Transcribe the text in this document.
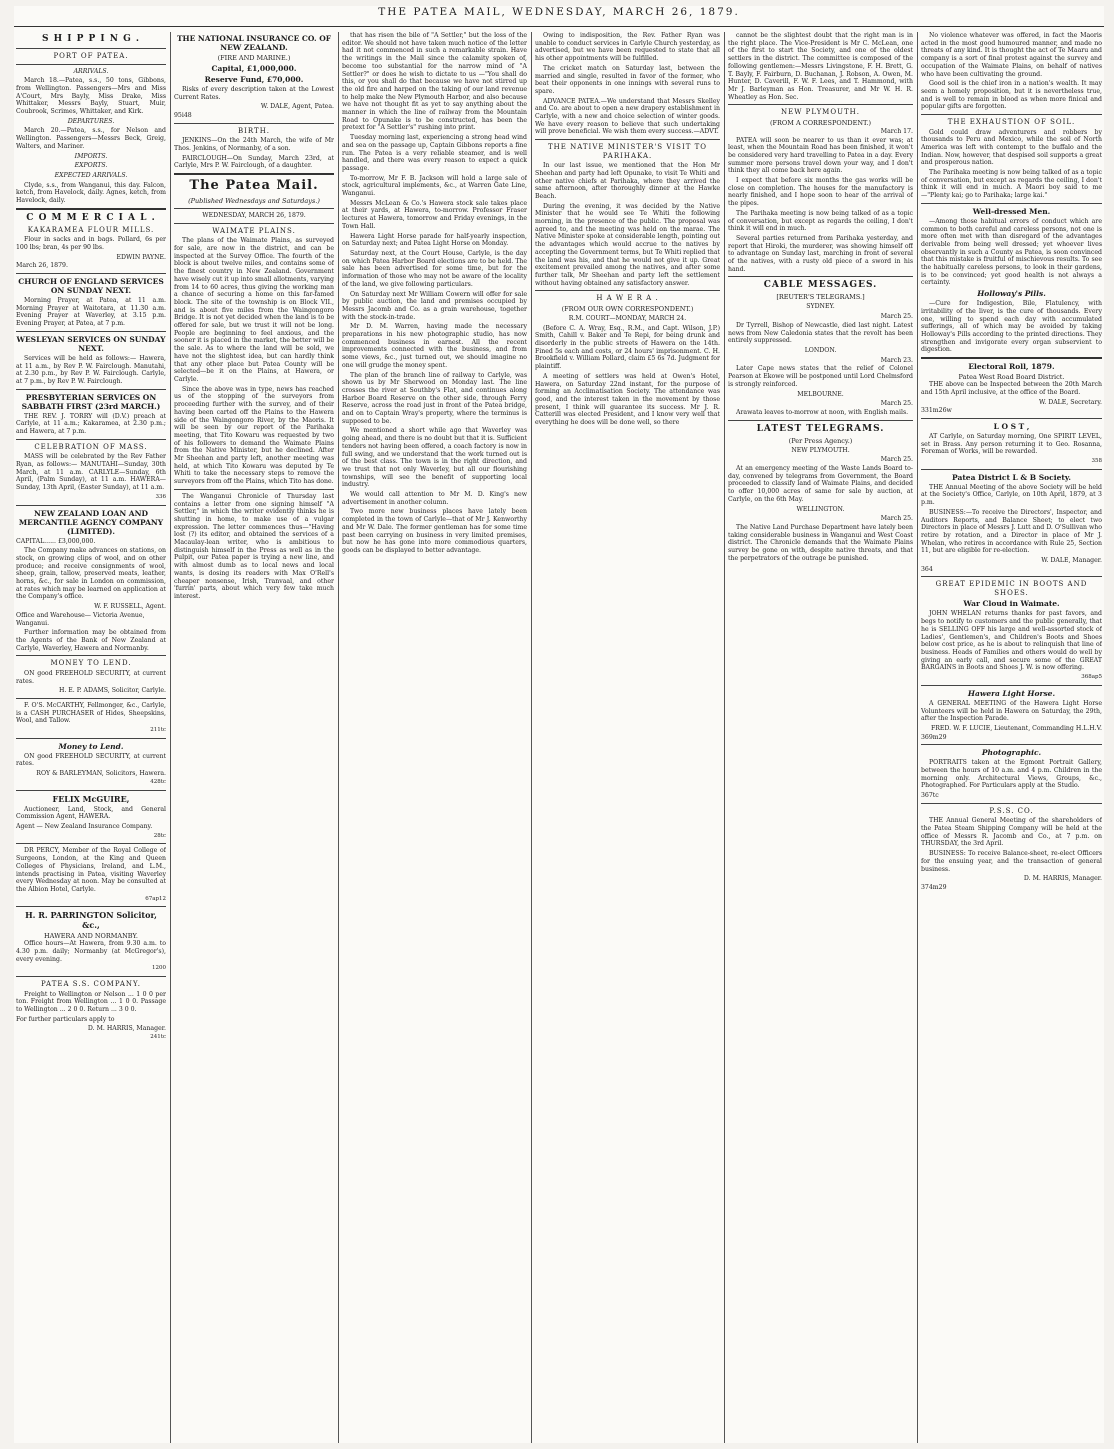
THE PATEA MAIL, WEDNESDAY, MARCH 26, 1879.
S H I P P I N G .
PORT OF PATEA.
ARRIVALS.

March 18.—Patea, s.s., 50 tons, Gibbons, from Wellington. Passengers—Mrs and Miss A'Court, Mrs Bayly, Miss Drake, Miss Whittaker, Messrs Bayly, Stuart, Muir, Coubrook, Scrimes, Whittaker, and Kirk.

DEPARTURES.

March 20.—Patea, s.s., for Nelson and Wellington. Passengers—Messrs Beck, Greig, Walters, and Mariner.

IMPORTS.
EXPORTS.
EXPECTED ARRIVALS.

Clyde, s.s., from Wanganui, this day. Falcon, ketch, from Havelock, daily. Agnes, ketch, from Havelock, daily.

C O M M E R C I A L .
KAKARAMEA FLOUR MILLS.

Flour in sacks and in bags. Pollard, 6s per 100 lbs; bran, 4s per 90 lbs.

EDWIN PAYNE.
March 26, 1879.
CHURCH OF ENGLAND SERVICES ON SUNDAY NEXT.

Morning Prayer, at Patea, at 11 a.m. Morning Prayer at Waitotara, at 11.30 a.m. Evening Prayer at Waverley, at 3.15 p.m. Evening Prayer, at Patea, at 7 p.m.

WESLEYAN SERVICES ON SUNDAY NEXT.

Services will be held as follows:— Hawera, at 11 a.m., by Rev P. W. Fairclough. Manutahi, at 2.30 p.m., by Rev P. W. Fairclough. Carlyle, at 7 p.m., by Rev P. W. Fairclough.

PRESBYTERIAN SERVICES ON SABBATH FIRST (23rd MARCH.)

THE REV. J. TORRY will (D.V.) preach at Carlyle, at 11 a.m.; Kakaramea, at 2.30 p.m.; and Hawera, at 7 p.m.

CELEBRATION OF MASS.

MASS will be celebrated by the Rev Father Ryan, as follows:— MANUTAHI—Sunday, 30th March, at 11 a.m. CARLYLE—Sunday, 6th April, (Palm Sunday), at 11 a.m. HAWERA—Sunday, 13th April, (Easter Sunday), at 11 a.m.

336
NEW ZEALAND LOAN AND MERCANTILE AGENCY COMPANY (LIMITED).
CAPITAL...... £3,000,000.

The Company make advances on stations, on stock, on growing clips of wool, and on other produce; and receive consignments of wool, sheep, grain, tallow, preserved meats, leather, horns, &c., for sale in London on commission, at rates which may be learned on application at the Company's office.

W. F. RUSSELL, Agent.
Office and Warehouse— Victoria Avenue, Wanganui.

Further information may be obtained from the Agents of the Bank of New Zealand at Carlyle, Waverley, Hawera and Normanby.

MONEY TO LEND.

ON good FREEHOLD SECURITY, at current rates.

H. E. P. ADAMS, Solicitor, Carlyle.

F. O'S. McCARTHY, Fellmonger, &c., Carlyle, is a CASH PURCHASER of Hides, Sheepskins, Wool, and Tallow.

211tc
Money to Lend.

ON good FREEHOLD SECURITY, at current rates.

ROY & BARLEYMAN, Solicitors, Hawera.
428tc
FELIX McGUIRE,

Auctioneer, Land, Stock, and General Commission Agent, HAWERA.

Agent — New Zealand Insurance Company.
28tc

DR PERCY, Member of the Royal College of Surgeons, London, at the King and Queen Colleges of Physicians, Ireland, and L.M., intends practising in Patea, visiting Waverley every Wednesday at noon. May be consulted at the Albion Hotel, Carlyle.

67ap12
H. R. PARRINGTON Solicitor, &c.,
HAWERA AND NORMANBY.

Office hours—At Hawera, from 9.30 a.m. to 4.30 p.m. daily; Normanby (at McGregor's), every evening.

1200
PATEA S.S. COMPANY.

Freight to Wellington or Nelson ... 1 0 0 per ton. Freight from Wellington ... 1 0 0. Passage to Wellington ... 2 0 0. Return ... 3 0 0.

For further particulars apply to
D. M. HARRIS, Manager.
241tc
THE NATIONAL INSURANCE CO. OF NEW ZEALAND.
(FIRE AND MARINE.)
Capital, £1,000,000.
Reserve Fund, £70,000.

Risks of every description taken at the Lowest Current Rates.

W. DALE, Agent, Patea.
95i48
BIRTH.

JENKINS—On the 24th March, the wife of Mr Thos. Jenkins, of Normanby, of a son.

FAIRCLOUGH—On Sunday, March 23rd, at Carlyle, Mrs P. W. Fairclough, of a daughter.

The Patea Mail.
(Published Wednesdays and Saturdays.)
WEDNESDAY, MARCH 26, 1879.
WAIMATE PLAINS.

The plans of the Waimate Plains, as surveyed for sale, are now in the district, and can be inspected at the Survey Office. The fourth of the block is about twelve miles, and contains some of the finest country in New Zealand. Government have wisely cut it up into small allotments, varying from 14 to 60 acres, thus giving the working man a chance of securing a home on this far-famed block. The site of the township is on Block VII., and is about five miles from the Waingongoro Bridge. It is not yet decided when the land is to be offered for sale, but we trust it will not be long. People are beginning to feel anxious, and the sooner it is placed in the market, the better will be the sale. As to where the land will be sold, we have not the slightest idea, but can hardly think that any other place but Patea County will be selected—be it on the Plains, at Hawera, or Carlyle.

Since the above was in type, news has reached us of the stopping of the surveyors from proceeding further with the survey, and of their having been carted off the Plains to the Hawera side of the Waingongoro River, by the Maoris. It will be seen by our report of the Parihaka meeting, that Tito Kowaru was requested by two of his followers to demand the Waimate Plains from the Native Minister, but he declined. After Mr Sheehan and party left, another meeting was held, at which Tito Kowaru was deputed by Te Whiti to take the necessary steps to remove the surveyors from off the Plains, which Tito has done.

The Wanganui Chronicle of Thursday last contains a letter from one signing himself "A Settler," in which the writer evidently thinks he is shutting in home, to make use of a vulgar expression. The letter commences thus—"Having lost (?) its editor, and obtained the services of a Macaulay-lean writer, who is ambitious to distinguish himself in the Press as well as in the Pulpit, our Patea paper is trying a new line, and with almost dumb as to local news and local wants, is dosing its readers with Max O'Rell's cheaper nonsense, Irish, Tranvaal, and other 'furrin' parts, about which very few take much interest.

that has risen the bile of "A Settler," but the loss of the editor. We should not have taken much notice of the letter had it not commenced in such a remarkable strain. Have the writings in the Mail since the calamity spoken of, become too substantial for the narrow mind of "A Settler?" or does he wish to dictate to us —"You shall do this, or you shall do that because we have not stirred up the old fire and harped on the taking of our land revenue to help make the New Plymouth Harbor, and also because we have not thought fit as yet to say anything about the manner in which the line of railway from the Mountain Road to Opunake is to be constructed, has been the pretext for "A Settler's" rushing into print.

Tuesday morning last, experiencing a strong head wind and sea on the passage up, Captain Gibbons reports a fine run. The Patea is a very reliable steamer, and is well handled, and there was every reason to expect a quick passage.

To-morrow, Mr F. B. Jackson will hold a large sale of stock, agricultural implements, &c., at Warren Gate Line, Wanganui.

Messrs McLean & Co.'s Hawera stock sale takes place at their yards, at Hawera, to-morrow. Professor Fraser lectures at Hawera, tomorrow and Friday evenings, in the Town Hall.

Hawera Light Horse parade for half-yearly inspection, on Saturday next; and Patea Light Horse on Monday.

Saturday next, at the Court House, Carlyle, is the day on which Patea Harbor Board elections are to be held. The sale has been advertised for some time, but for the information of those who may not be aware of the locality of the land, we give following particulars.

On Saturday next Mr William Cowern will offer for sale by public auction, the land and premises occupied by Messrs Jacomb and Co. as a grain warehouse, together with the stock-in-trade.

Mr D. M. Warren, having made the necessary preparations in his new photographic studio, has now commenced business in earnest. All the recent improvements connected with the business, and from some views, &c., just turned out, we should imagine no one will grudge the money spent.

The plan of the branch line of railway to Carlyle, was shown us by Mr Sherwood on Monday last. The line crosses the river at Southby's Flat, and continues along Harbor Board Reserve on the other side, through Ferry Reserve, across the road just in front of the Patea bridge, and on to Captain Wray's property, where the terminus is supposed to be.

We mentioned a short while ago that Waverley was going ahead, and there is no doubt but that it is. Sufficient tenders not having been offered, a coach factory is now in full swing, and we understand that the work turned out is of the best class. The town is in the right direction, and we trust that not only Waverley, but all our flourishing townships, will see the benefit of supporting local industry.

We would call attention to Mr M. D. King's new advertisement in another column.

Two more new business places have lately been completed in the town of Carlyle—that of Mr J. Kenworthy and Mr W. Dale. The former gentleman has for some time past been carrying on business in very limited premises, but now he has gone into more commodious quarters, goods can be displayed to better advantage.

Owing to indisposition, the Rev. Father Ryan was unable to conduct services in Carlyle Church yesterday, as advertised, but we have been requested to state that all his other appointments will be fulfilled.

The cricket match on Saturday last, between the married and single, resulted in favor of the former, who beat their opponents in one innings with several runs to spare.

ADVANCE PATEA.—We understand that Messrs Skelley and Co. are about to open a new drapery establishment in Carlyle, with a new and choice selection of winter goods. We have every reason to believe that such undertaking will prove beneficial. We wish them every success.—ADVT.

THE NATIVE MINISTER'S VISIT TO PARIHAKA.

In our last issue, we mentioned that the Hon Mr Sheehan and party had left Opunake, to visit Te Whiti and other native chiefs at Parihaka, where they arrived the same afternoon, after thoroughly dinner at the Hawke Beach.

During the evening, it was decided by the Native Minister that he would see Te Whiti the following morning, in the presence of the public. The proposal was agreed to, and the meeting was held on the marae. The Native Minister spoke at considerable length, pointing out the advantages which would accrue to the natives by accepting the Government terms, but Te Whiti replied that the land was his, and that he would not give it up. Great excitement prevailed among the natives, and after some further talk, Mr Sheehan and party left the settlement without having obtained any satisfactory answer.

H A W E R A .
(FROM OUR OWN CORRESPONDENT.)
R.M. COURT—MONDAY, MARCH 24.

(Before C. A. Wray, Esq., R.M., and Capt. Wilson, J.P.) Smith, Cahill v. Baker and Te Repi, for being drunk and disorderly in the public streets of Hawera on the 14th. Fined 5s each and costs, or 24 hours' imprisonment. C. H. Brookfield v. William Pollard, claim £5 6s 7d. Judgment for plaintiff.

A meeting of settlers was held at Owen's Hotel, Hawera, on Saturday 22nd instant, for the purpose of forming an Acclimatisation Society. The attendance was good, and the interest taken in the movement by those present, I think will guarantee its success. Mr J. R. Catterill was elected President, and I know very well that everything he does will be done well, so there

cannot be the slightest doubt that the right man is in the right place. The Vice-President is Mr C. McLean, one of the first to start the Society, and one of the oldest settlers in the district. The committee is composed of the following gentlemen:—Messrs Livingstone, F. H. Brett, G. T. Bayly, F. Fairburn, D. Buchanan, J. Robson, A. Owen, M. Hunter, D. Caverill, F. W. F. Lees, and T. Hammond, with Mr J. Barleyman as Hon. Treasurer, and Mr W. H. R. Wheatley as Hon. Sec.

NEW PLYMOUTH.
(FROM A CORRESPONDENT.)
March 17.

PATEA will soon be nearer to us than it ever was; at least, when the Mountain Road has been finished, it won't be considered very hard travelling to Patea in a day. Every summer more persons travel down your way, and I don't think they all come back here again.

I expect that before six months the gas works will be close on completion. The houses for the manufactory is nearly finished, and I hope soon to hear of the arrival of the pipes.

The Parihaka meeting is now being talked of as a topic of conversation, but except as regards the ceiling, I don't think it will end in much.

Several parties returned from Parihaka yesterday, and report that Hiroki, the murderer, was showing himself off to advantage on Sunday last, marching in front of several of the natives, with a rusty old piece of a sword in his hand.

CABLE MESSAGES.
[REUTER'S TELEGRAMS.]
SYDNEY.
March 25.

Dr Tyrrell, Bishop of Newcastle, died last night. Latest news from New Caledonia states that the revolt has been entirely suppressed.

LONDON.
March 23.

Later Cape news states that the relief of Colonel Pearson at Ekowe will be postponed until Lord Chelmsford is strongly reinforced.

MELBOURNE.
March 25.

Arawata leaves to-morrow at noon, with English mails.

LATEST TELEGRAMS.
(Per Press Agency.)
NEW PLYMOUTH.
March 25.

At an emergency meeting of the Waste Lands Board to-day, convened by telegrams from Government, the Board proceeded to classify land of Waimate Plains, and decided to offer 10,000 acres of same for sale by auction, at Carlyle, on the 6th May.

WELLINGTON.
March 25.

The Native Land Purchase Department have lately been taking considerable business in Wanganui and West Coast district. The Chronicle demands that the Waimate Plains survey be gone on with, despite native threats, and that the perpetrators of the outrage be punished.

No violence whatever was offered, in fact the Maoris acted in the most good humoured manner, and made no threats of any kind. It is thought the act of Te Maaru and company is a sort of final protest against the survey and occupation of the Waimate Plains, on behalf of natives who have been cultivating the ground.

Good soil is the chief iron in a nation's wealth. It may seem a homely proposition, but it is nevertheless true, and is well to remain in blood as when more finical and popular gifts are forgotten.

THE EXHAUSTION OF SOIL.

Gold could draw adventurers and robbers by thousands to Peru and Mexico, while the soil of North America was left with contempt to the buffalo and the Indian. Now, however, that despised soil supports a great and prosperous nation.

The Parihaka meeting is now being talked of as a topic of conversation, but except as regards the ceiling, I don't think it will end in much. A Maori boy said to me—"Plenty kai; go to Parihaka; large kai."

Well-dressed Men.

—Among those habitual errors of conduct which are common to both careful and careless persons, not one is more often met with than disregard of the advantages derivable from being well dressed; yet whoever lives observantly in such a County as Patea, is soon convinced that this mistake is fruitful of mischievous results. To see the habitually careless persons, to look in their gardens, is to be convinced; yet good health is not always a certainty.

Holloway's Pills.

—Cure for Indigestion, Bile, Flatulency, with irritability of the liver, is the cure of thousands. Every one, willing to spend each day with accumulated sufferings, all of which may be avoided by taking Holloway's Pills according to the printed directions. They strengthen and invigorate every organ subservient to digestion.

Electoral Roll, 1879.
Patea West Road Board District.

THE above can be Inspected between the 20th March and 15th April inclusive, at the office of the Board.

W. DALE, Secretary.
331m26w
L O S T ,

AT Carlyle, on Saturday morning, One SPIRIT LEVEL, set in Brass. Any person returning it to Geo. Rosanna, Foreman of Works, will be rewarded.

358
Patea District L & B Society.

THE Annual Meeting of the above Society will be held at the Society's Office, Carlyle, on 10th April, 1879, at 3 p.m.

BUSINESS:—To receive the Directors', Inspector, and Auditors Reports, and Balance Sheet; to elect two Directors in place of Messrs J. Lutt and D. O'Sullivan who retire by rotation, and a Director in place of Mr J. Whelan, who retires in accordance with Rule 25, Section 11, but are eligible for re-election.

W. DALE, Manager.
364
GREAT EPIDEMIC IN BOOTS AND SHOES.
War Cloud in Waimate.

JOHN WHELAN returns thanks for past favors, and begs to notify to customers and the public generally, that he is SELLING OFF his large and well-assorted stock of Ladies', Gentlemen's, and Children's Boots and Shoes below cost price, as he is about to relinquish that line of business. Heads of Families and others would do well by giving an early call, and secure some of the GREAT BARGAINS in Boots and Shoes J. W. is now offering.

368ap5
Hawera Light Horse.

A GENERAL MEETING of the Hawera Light Horse Volunteers will be held in Hawera on Saturday, the 29th, after the Inspection Parade.

FRED. W. F. LUCIE, Lieutenant, Commanding H.L.H.V.
369m29
Photographic.

PORTRAITS taken at the Egmont Portrait Gallery, between the hours of 10 a.m. and 4 p.m. Children in the morning only. Architectural Views, Groups, &c., Photographed. For Particulars apply at the Studio.

367tc
P.S.S. CO.

THE Annual General Meeting of the shareholders of the Patea Steam Shipping Company will be held at the office of Messrs R. Jacomb and Co., at 7 p.m. on THURSDAY, the 3rd April.

BUSINESS: To receive Balance-sheet, re-elect Officers for the ensuing year, and the transaction of general business.

D. M. HARRIS, Manager.
374m29
